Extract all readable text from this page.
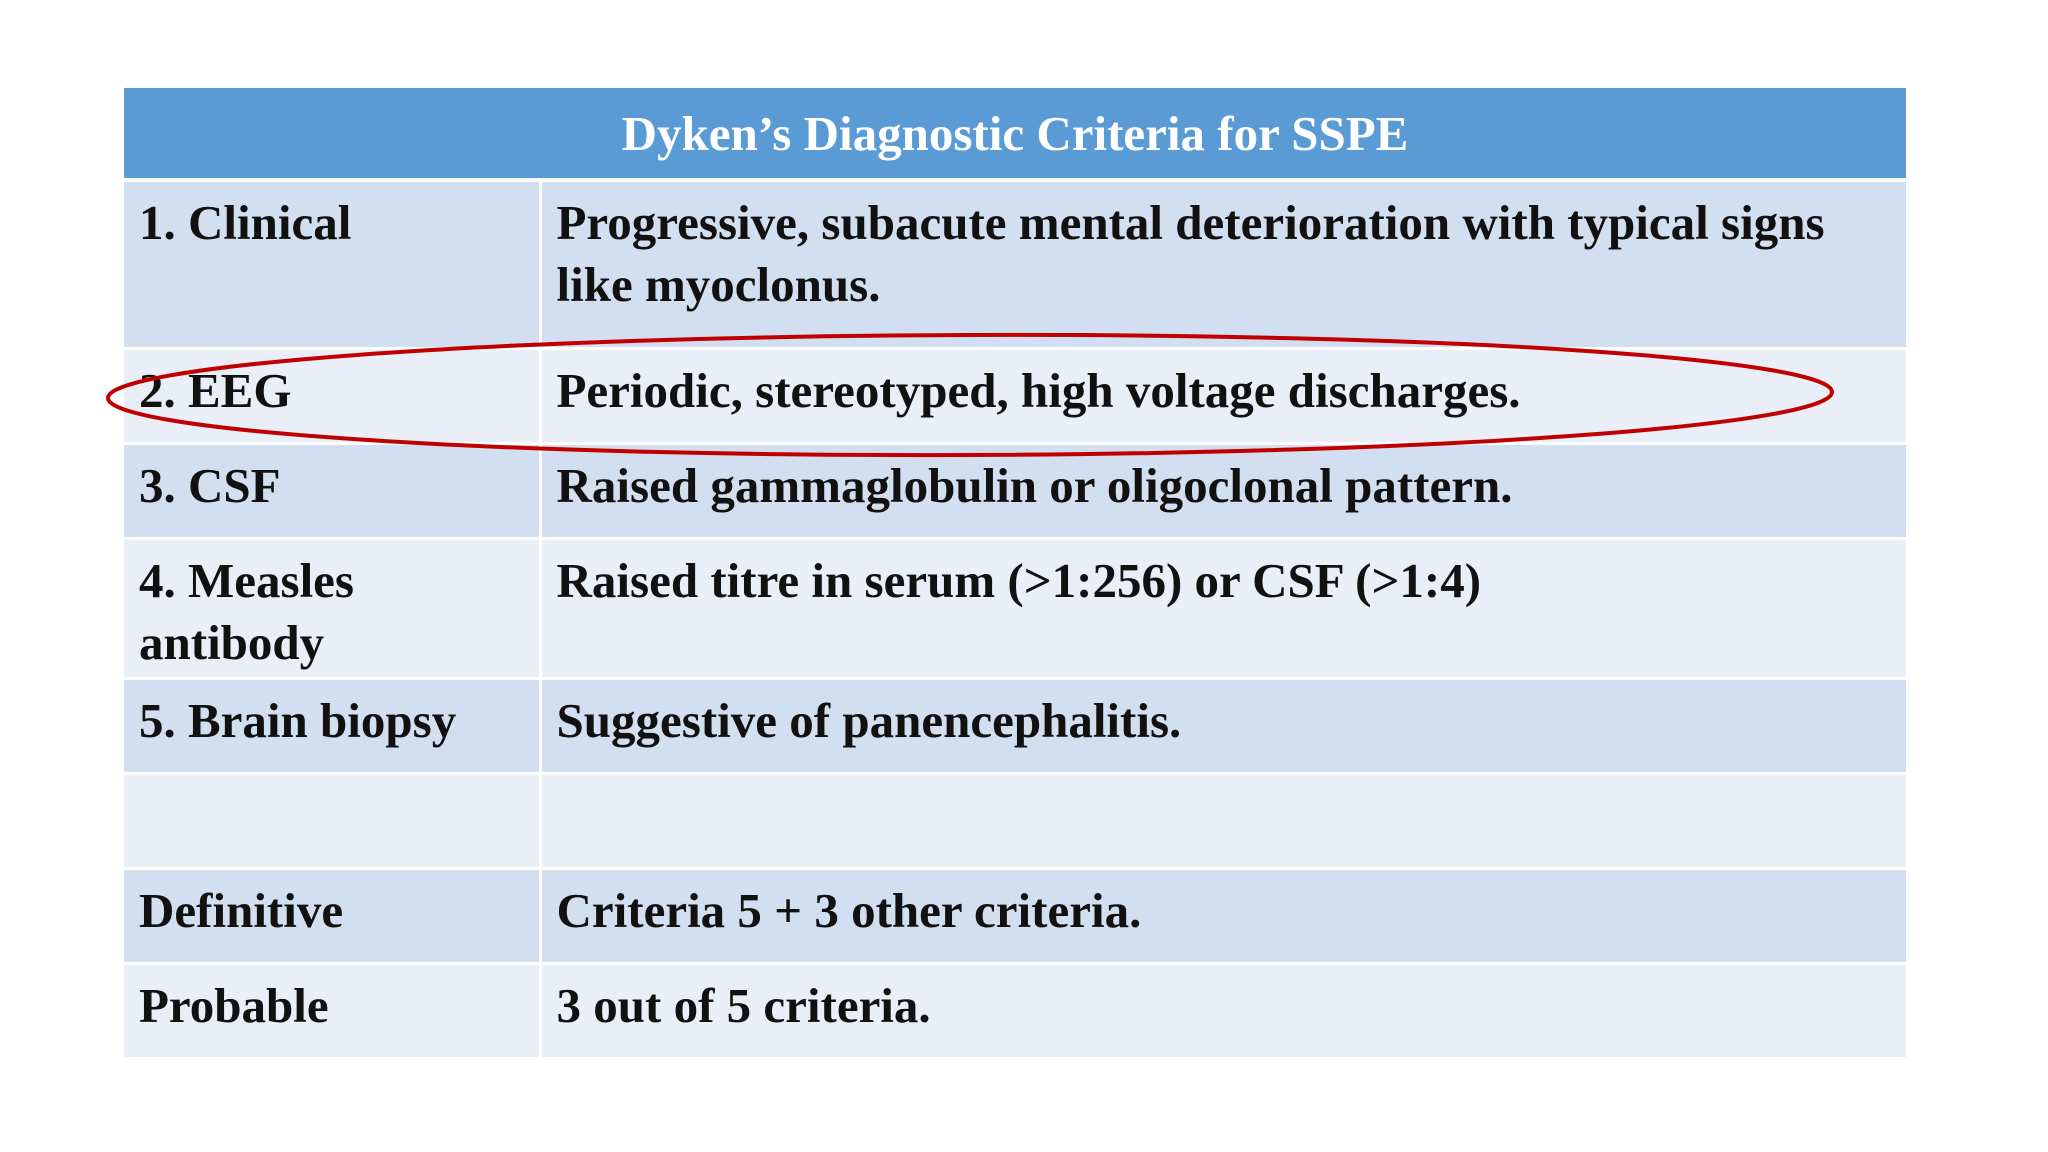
Dyken’s Diagnostic Criteria for SSPE	
1. Clinical	Progressive, subacute mental deterioration with typical signs like myoclonus.
2. EEG	Periodic, stereotyped, high voltage discharges.
3. CSF	Raised gammaglobulin or oligoclonal pattern.
4. Measles antibody	Raised titre in serum (>1:256) or CSF (>1:4)
5. Brain biopsy	Suggestive of panencephalitis.

Definitive	Criteria 5 + 3 other criteria.
Probable	3 out of 5 criteria.
